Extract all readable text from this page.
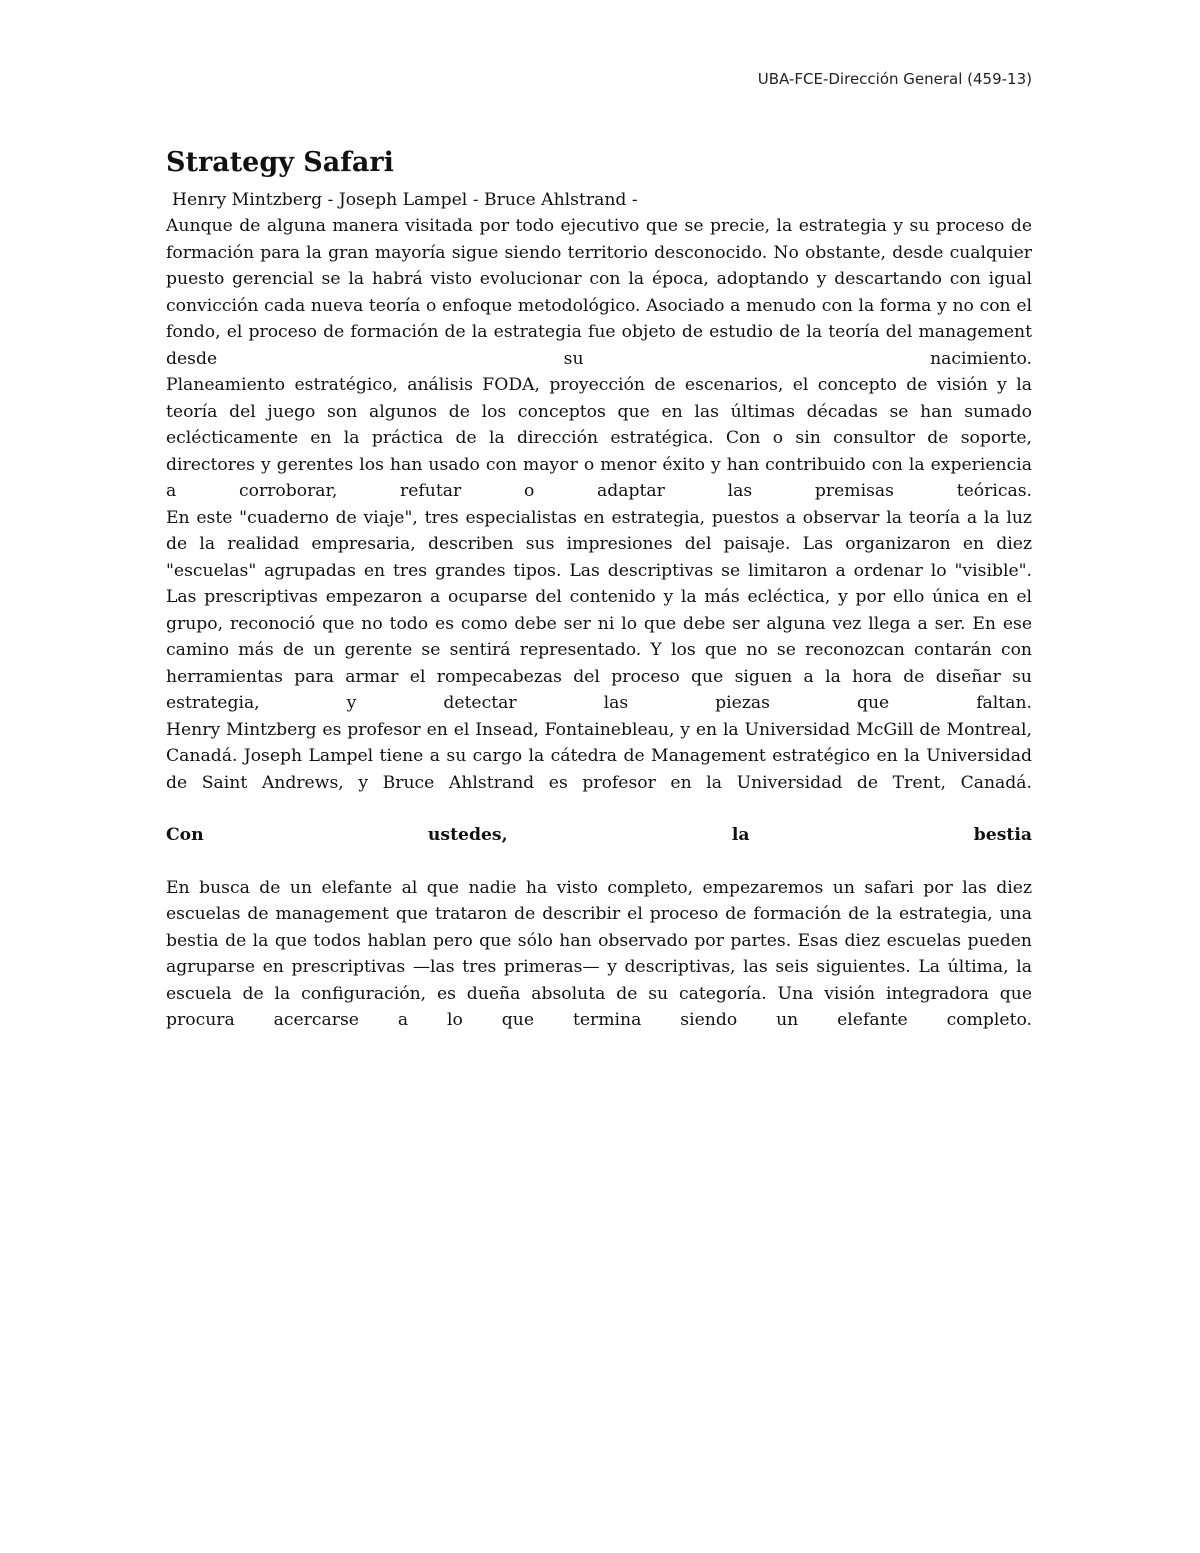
UBA-FCE-Dirección General (459-13)
Strategy Safari

Henry Mintzberg - Joseph Lampel - Bruce Ahlstrand -

Aunque de alguna manera visitada por todo ejecutivo que se precie, la estrategia y su proceso de formación para la gran mayoría sigue siendo territorio desconocido. No obstante, desde cualquier puesto gerencial se la habrá visto evolucionar con la época, adoptando y descartando con igual convicción cada nueva teoría o enfoque metodológico. Asociado a menudo con la forma y no con el fondo, el proceso de formación de la estrategia fue objeto de estudio de la teoría del management desde su nacimiento.

Planeamiento estratégico, análisis FODA, proyección de escenarios, el concepto de visión y la teoría del juego son algunos de los conceptos que en las últimas décadas se han sumado eclécticamente en la práctica de la dirección estratégica. Con o sin consultor de soporte, directores y gerentes los han usado con mayor o menor éxito y han contribuido con la experiencia a corroborar, refutar o adaptar las premisas teóricas.

En este "cuaderno de viaje", tres especialistas en estrategia, puestos a observar la teoría a la luz de la realidad empresaria, describen sus impresiones del paisaje. Las organizaron en diez "escuelas" agrupadas en tres grandes tipos. Las descriptivas se limitaron a ordenar lo "visible". Las prescriptivas empezaron a ocuparse del contenido y la más ecléctica, y por ello única en el grupo, reconoció que no todo es como debe ser ni lo que debe ser alguna vez llega a ser. En ese camino más de un gerente se sentirá representado. Y los que no se reconozcan contarán con herramientas para armar el rompecabezas del proceso que siguen a la hora de diseñar su estrategia, y detectar las piezas que faltan.

Henry Mintzberg es profesor en el Insead, Fontainebleau, y en la Universidad McGill de Montreal, Canadá. Joseph Lampel tiene a su cargo la cátedra de Management estratégico en la Universidad de Saint Andrews, y Bruce Ahlstrand es profesor en la Universidad de Trent, Canadá.

Con ustedes, la bestia

En busca de un elefante al que nadie ha visto completo, empezaremos un safari por las diez escuelas de management que trataron de describir el proceso de formación de la estrategia, una bestia de la que todos hablan pero que sólo han observado por partes. Esas diez escuelas pueden agruparse en prescriptivas —las tres primeras— y descriptivas, las seis siguientes. La última, la escuela de la configuración, es dueña absoluta de su categoría. Una visión integradora que procura acercarse a lo que termina siendo un elefante completo.
